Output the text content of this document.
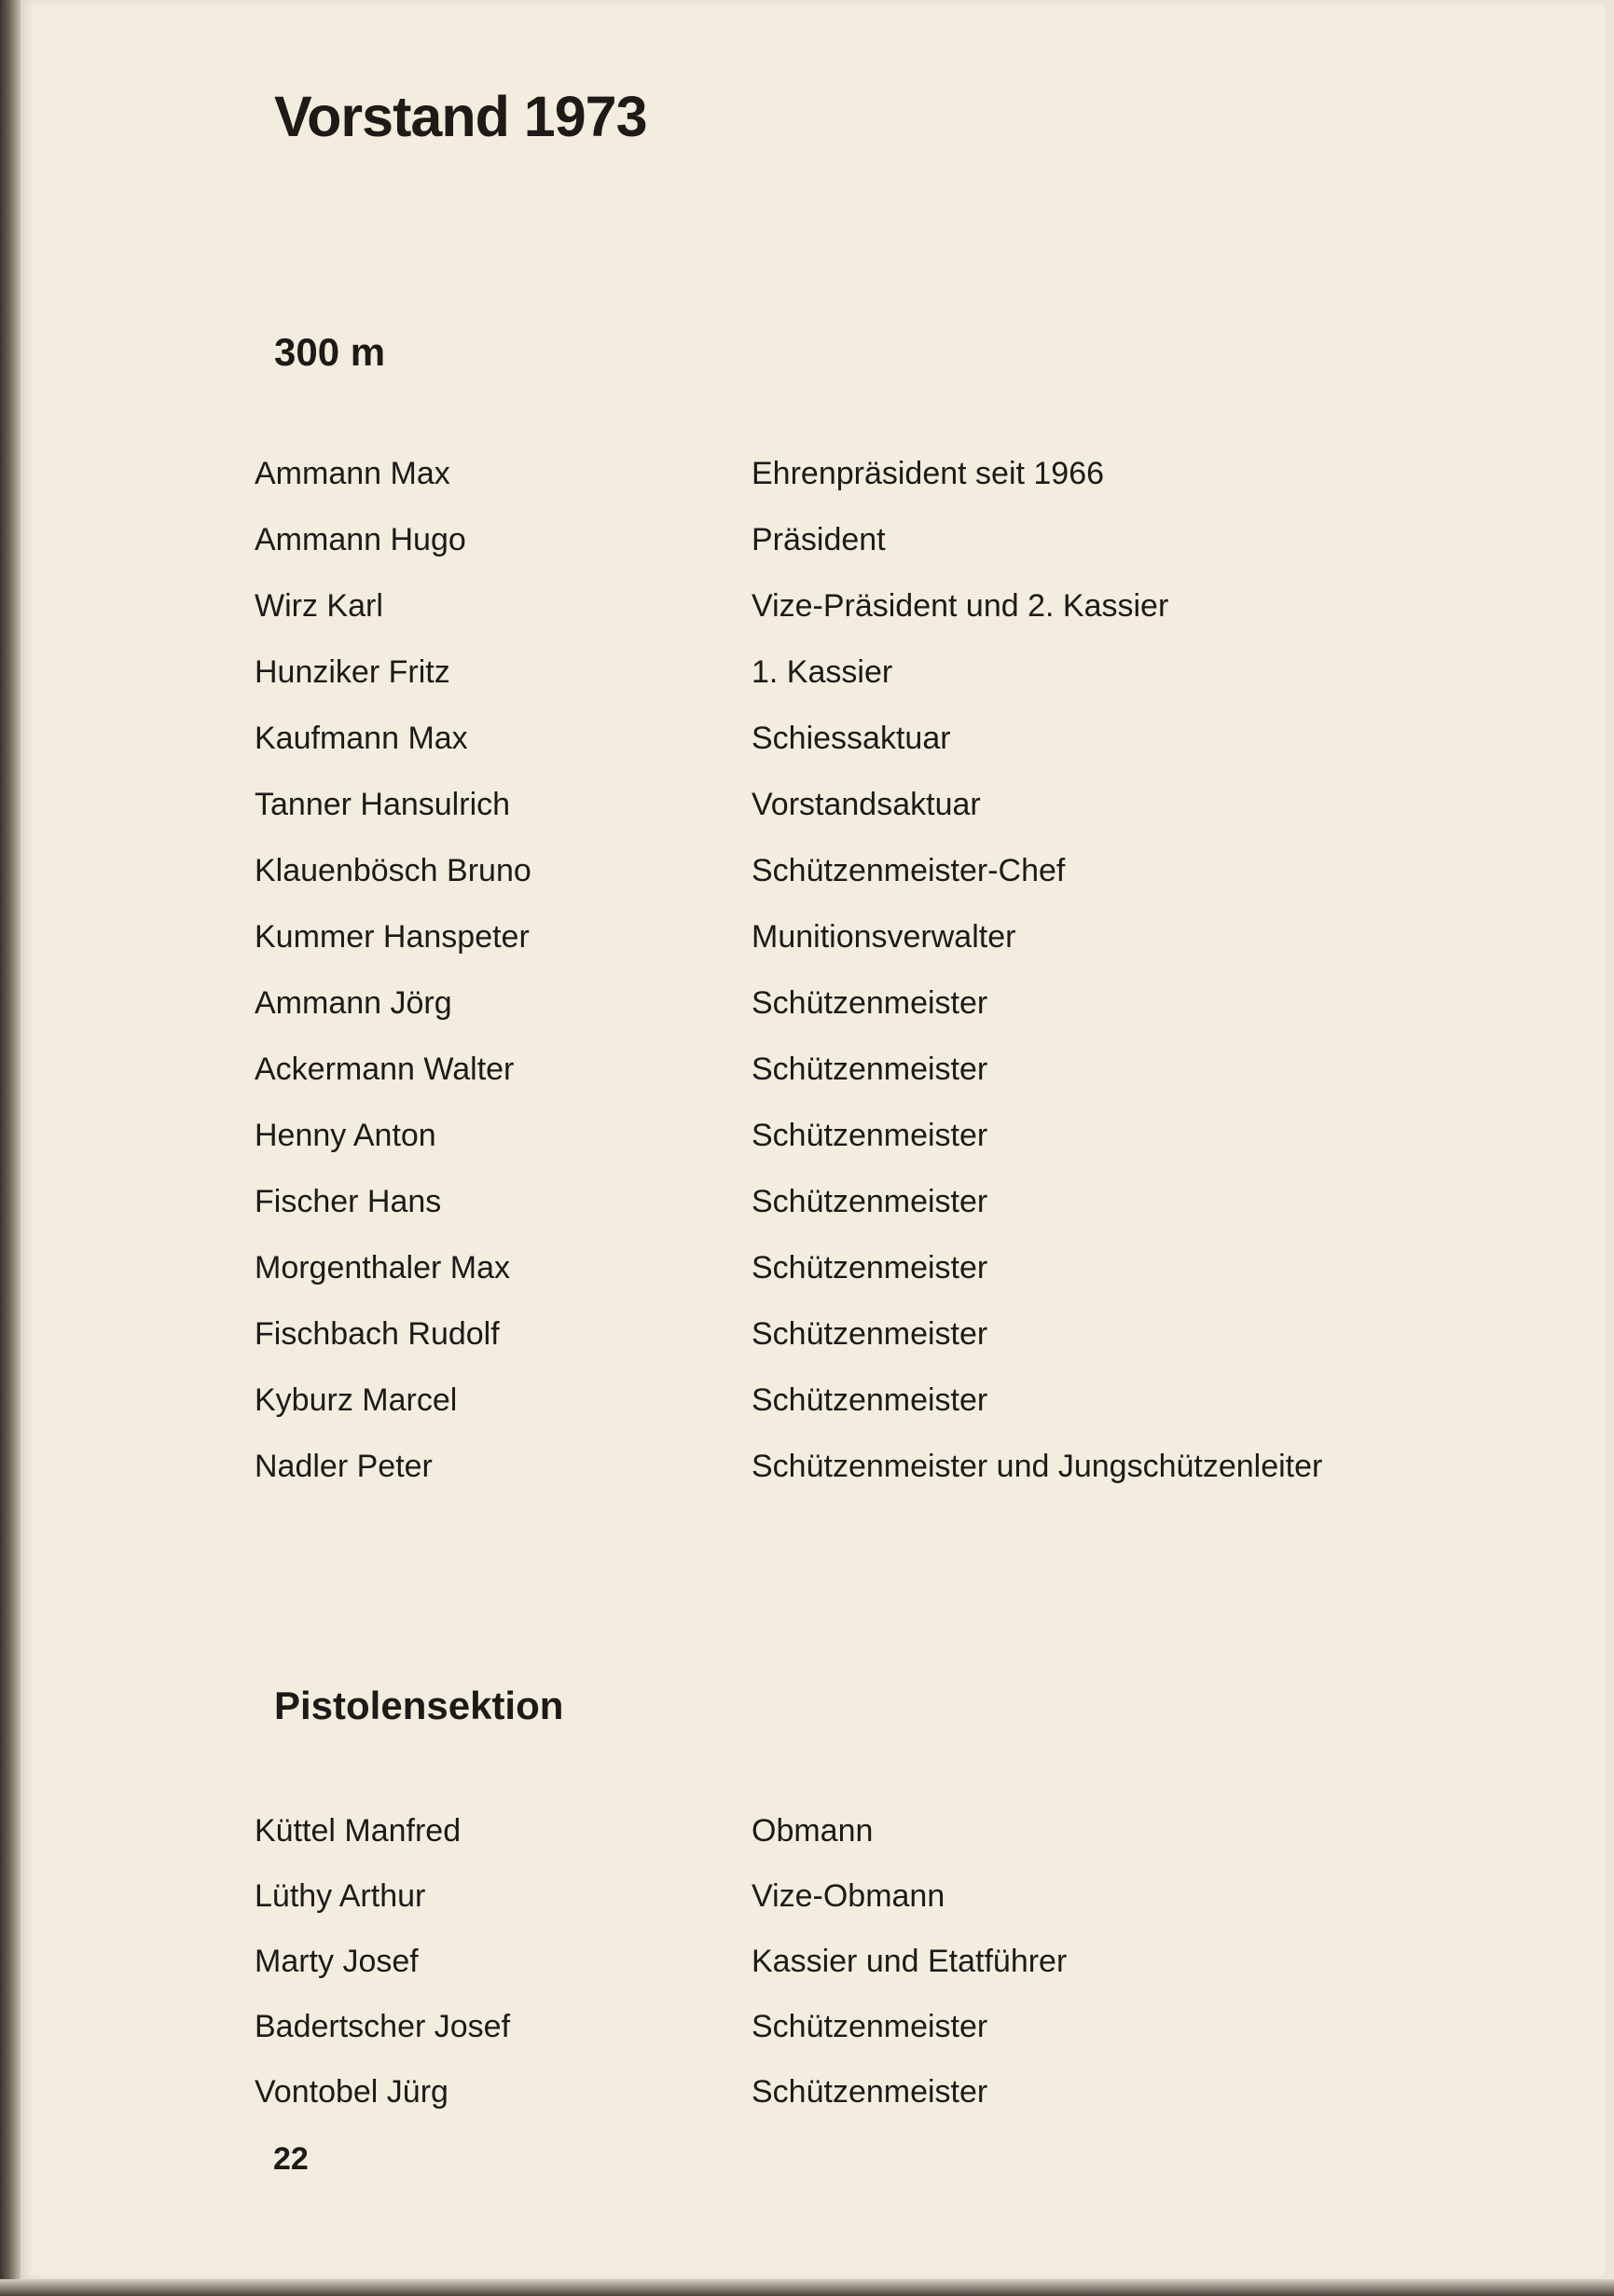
Vorstand 1973
300 m
Ammann Max	Ehrenpräsident seit 1966
Ammann Hugo	Präsident
Wirz Karl	Vize-Präsident und 2. Kassier
Hunziker Fritz	1. Kassier
Kaufmann Max	Schiessaktuar
Tanner Hansulrich	Vorstandsaktuar
Klauenbösch Bruno	Schützenmeister-Chef
Kummer Hanspeter	Munitionsverwalter
Ammann Jörg	Schützenmeister
Ackermann Walter	Schützenmeister
Henny Anton	Schützenmeister
Fischer Hans	Schützenmeister
Morgenthaler Max	Schützenmeister
Fischbach Rudolf	Schützenmeister
Kyburz Marcel	Schützenmeister
Nadler Peter	Schützenmeister und Jungschützenleiter
Pistolensektion
Küttel Manfred	Obmann
Lüthy Arthur	Vize-Obmann
Marty Josef	Kassier und Etatführer
Badertscher Josef	Schützenmeister
Vontobel Jürg	Schützenmeister
22
